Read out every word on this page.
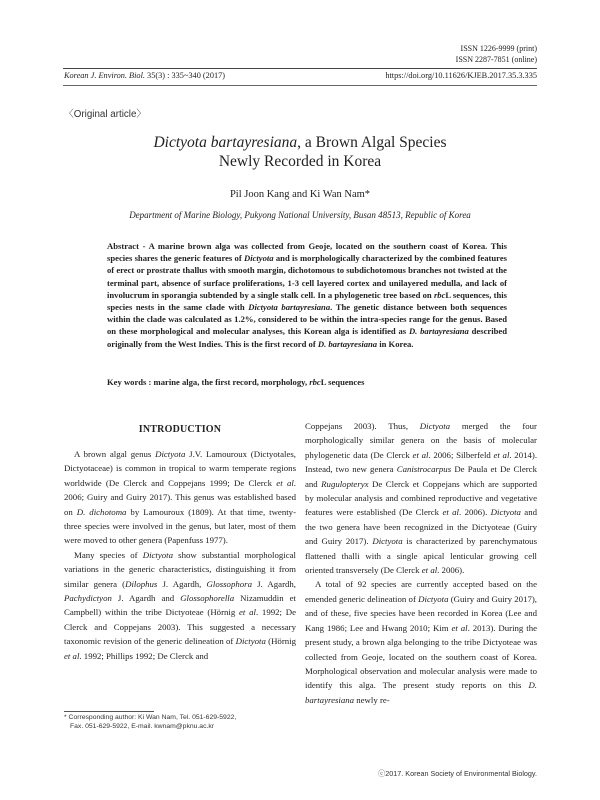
ISSN 1226-9999 (print)
ISSN 2287-7851 (online)
Korean J. Environ. Biol. 35(3) : 335~340 (2017)	https://doi.org/10.11626/KJEB.2017.35.3.335
〈Original article〉
Dictyota bartayresiana, a Brown Algal Species
Newly Recorded in Korea
Pil Joon Kang and Ki Wan Nam*
Department of Marine Biology, Pukyong National University, Busan 48513, Republic of Korea
Abstract - A marine brown alga was collected from Geoje, located on the southern coast of Korea. This species shares the generic features of Dictyota and is morphologically characterized by the combined features of erect or prostrate thallus with smooth margin, dichotomous to subdichotomous branches not twisted at the terminal part, absence of surface proliferations, 1-3 cell layered cortex and unilayered medulla, and lack of involucrum in sporangia subtended by a single stalk cell. In a phylogenetic tree based on rbcL sequences, this species nests in the same clade with Dictyota bartayresiana. The genetic distance between both sequences within the clade was calculated as 1.2%, considered to be within the intra-species range for the genus. Based on these morphological and molecular analyses, this Korean alga is identified as D. bartayresiana described originally from the West Indies. This is the first record of D. bartayresiana in Korea.
Key words : marine alga, the first record, morphology, rbcL sequences
INTRODUCTION

A brown algal genus Dictyota J.V. Lamouroux (Dictyotales, Dictyotaceae) is common in tropical to warm temperate regions worldwide (De Clerck and Coppejans 1999; De Clerck et al. 2006; Guiry and Guiry 2017). This genus was established based on D. dichotoma by Lamouroux (1809). At that time, twenty-three species were involved in the genus, but later, most of them were moved to other genera (Papenfuss 1977).

Many species of Dictyota show substantial morphological variations in the generic characteristics, distinguishing it from similar genera (Dilophus J. Agardh, Glossophora J. Agardh, Pachydictyon J. Agardh and Glossophorella Nizamuddin et Campbell) within the tribe Dictyoteae (Hörnig et al. 1992; De Clerck and Coppejans 2003). This suggested a necessary taxonomic revision of the generic delineation of Dictyota (Hörnig et al. 1992; Phillips 1992; De Clerck and

Coppejans 2003). Thus, Dictyota merged the four morphologically similar genera on the basis of molecular phylogenetic data (De Clerck et al. 2006; Silberfeld et al. 2014). Instead, two new genera Canistrocarpus De Paula et De Clerck and Rugulopteryx De Clerck et Coppejans which are supported by molecular analysis and combined reproductive and vegetative features were established (De Clerck et al. 2006). Dictyota and the two genera have been recognized in the Dictyoteae (Guiry and Guiry 2017). Dictyota is characterized by parenchymatous flattened thalli with a single apical lenticular growing cell oriented transversely (De Clerck et al. 2006).

A total of 92 species are currently accepted based on the emended generic delineation of Dictyota (Guiry and Guiry 2017), and of these, five species have been recorded in Korea (Lee and Kang 1986; Lee and Hwang 2010; Kim et al. 2013). During the present study, a brown alga belonging to the tribe Dictyoteae was collected from Geoje, located on the southern coast of Korea. Morphological observation and molecular analysis were made to identify this alga. The present study reports on this D. bartayresiana newly re-

* Corresponding author: Ki Wan Nam, Tel. 051-629-5922,
Fax. 051-629-5922, E-mail. kwnam@pknu.ac.kr
ⓒ2017. Korean Society of Environmental Biology.
